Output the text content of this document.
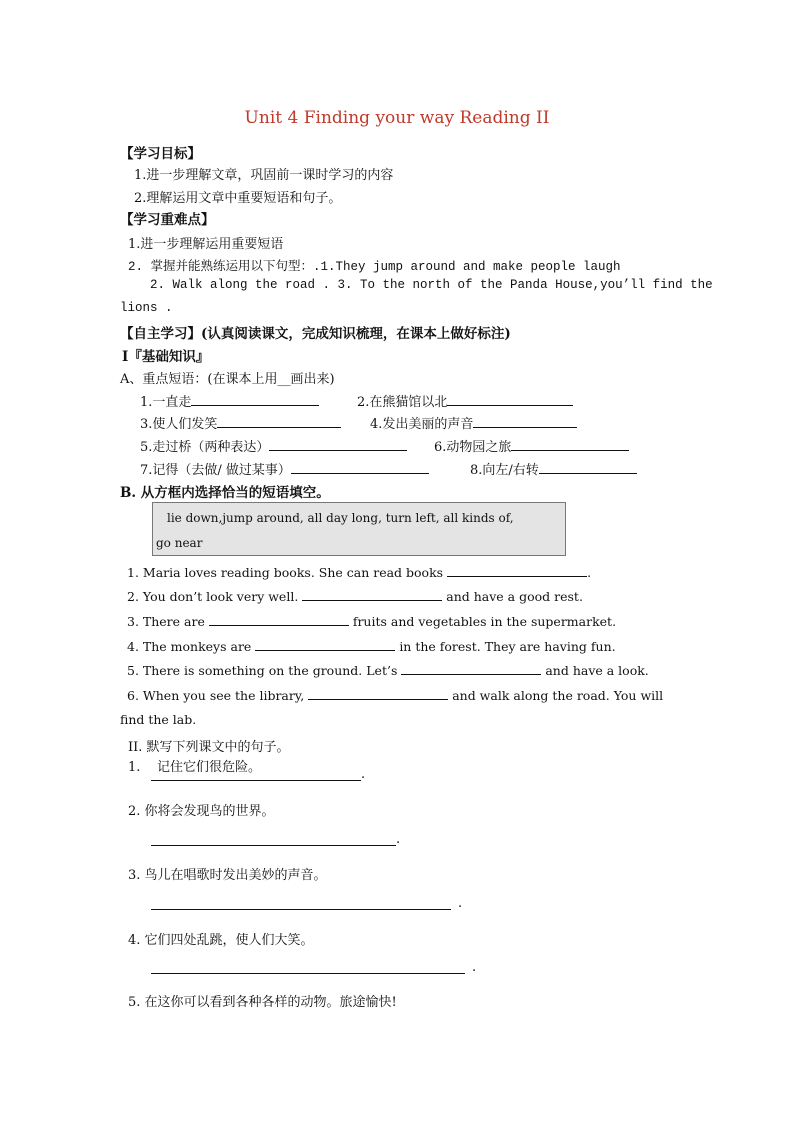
Unit 4 Finding your way Reading II
【学习目标】
1.进一步理解文章，巩固前一课时学习的内容
2.理解运用文章中重要短语和句子。
【学习重难点】
1.进一步理解运用重要短语
2. 掌握并能熟练运用以下句型：.1.They jump around and make people laugh
2. Walk along the road . 3. To the north of the Panda House,you’ll find the
lions .
【自主学习】(认真阅读课文，完成知识梳理，在课本上做好标注)
Ⅰ『基础知识』
A、重点短语：(在课本上用__画出来)
1.一直走	2.在熊猫馆以北
3.使人们发笑	4.发出美丽的声音
5.走过桥（两种表达）	6.动物园之旅
7.记得（去做/ 做过某事）	8.向左/右转
B. 从方框内选择恰当的短语填空。
lie down,jump around, all day long, turn left, all kinds of,
go near
1. Maria loves reading books. She can read books	.
2. You don’t look very well.	and have a good rest.
3. There are	fruits and vegetables in the supermarket.
4. The monkeys are	in the forest. They are having fun.
5. There is something on the ground. Let’s	and have a look.
6. When you see the library,	and walk along the road. You will
find the lab.
II. 默写下列课文中的句子。
1. 记住它们很危险。	.
2. 你将会发现鸟的世界。
.
3. 鸟儿在唱歌时发出美妙的声音。
.
4. 它们四处乱跳，使人们大笑。
.
5. 在这你可以看到各种各样的动物。旅途愉快!
